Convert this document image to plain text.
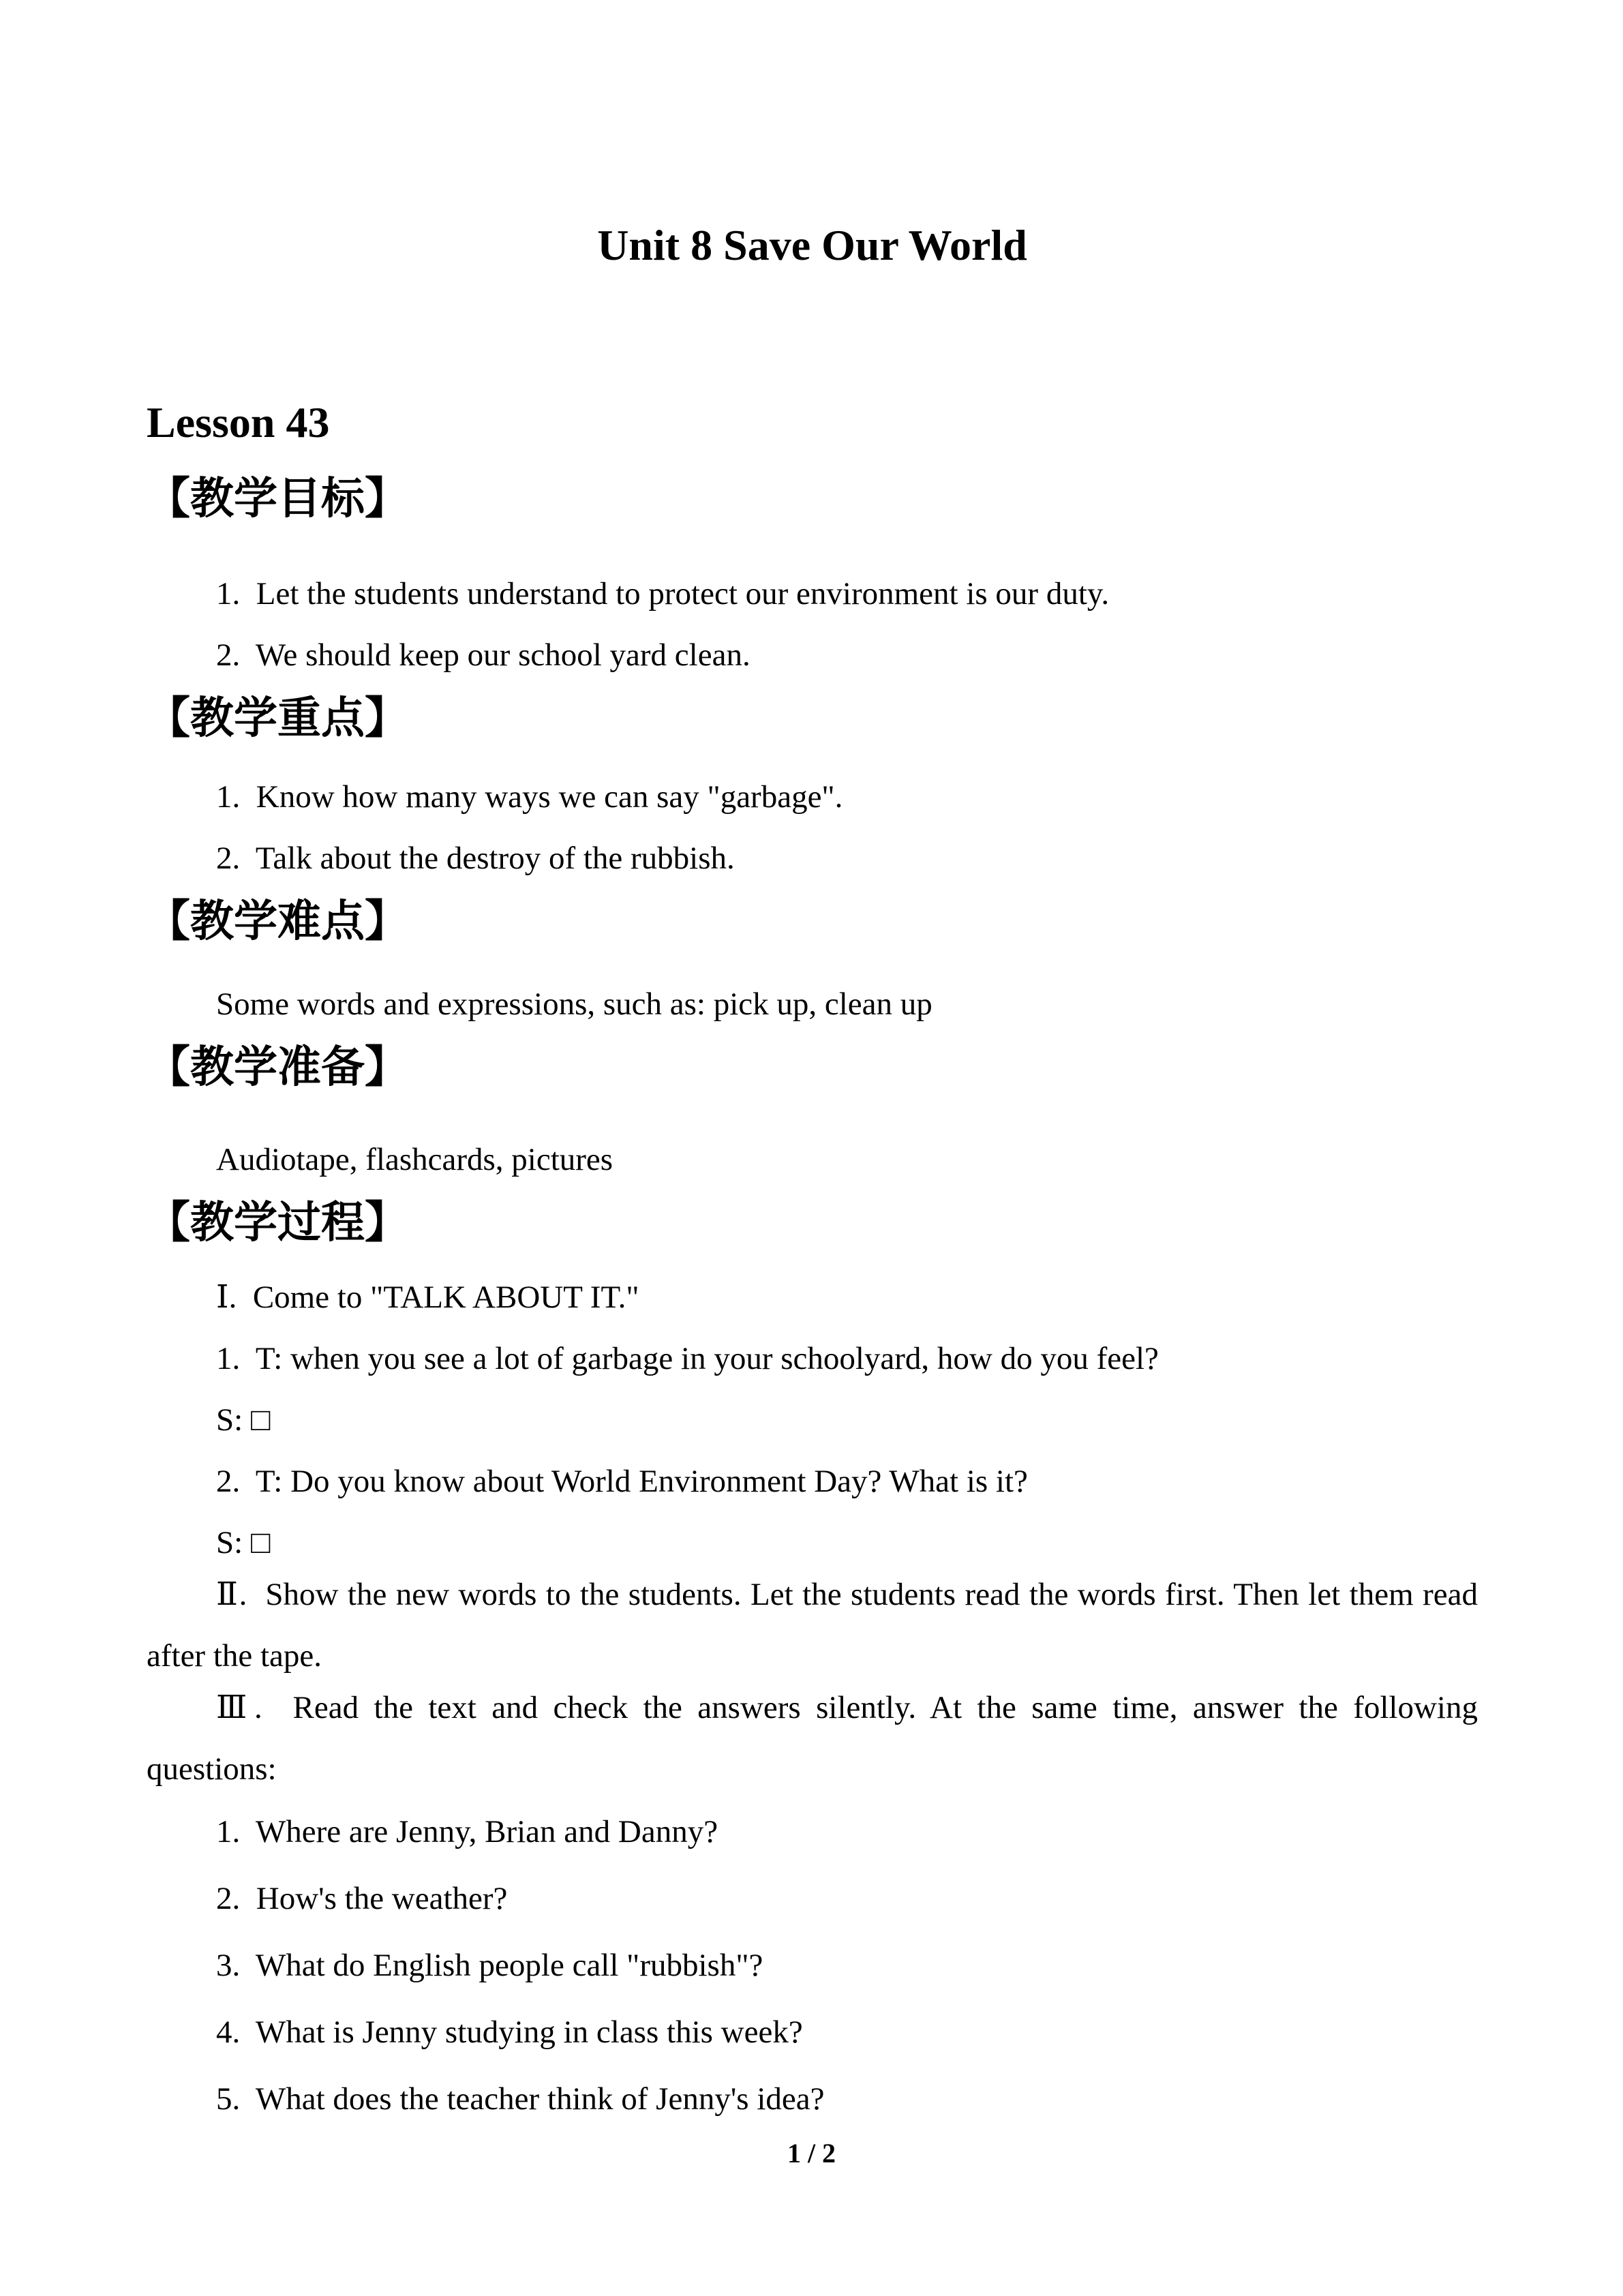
Unit 8 Save Our World

Lesson 43

【教学目标】

1.  Let the students understand to protect our environment is our duty.

2.  We should keep our school yard clean.

【教学重点】

1.  Know how many ways we can say "garbage".

2.  Talk about the destroy of the rubbish.

【教学难点】

Some words and expressions, such as: pick up, clean up

【教学准备】

Audiotape, flashcards, pictures

【教学过程】

Ⅰ.  Come to "TALK ABOUT IT."

1.  T: when you see a lot of garbage in your schoolyard, how do you feel?

S: □

2.  T: Do you know about World Environment Day? What is it?

S: □

Ⅱ.  Show the new words to the students. Let the students read the words first. Then let them read after the tape.

Ⅲ.  Read the text and check the answers silently. At the same time, answer the following questions:

1.  Where are Jenny, Brian and Danny?

2.  How's the weather?

3.  What do English people call "rubbish"?

4.  What is Jenny studying in class this week?

5.  What does the teacher think of Jenny's idea?

1 / 2
